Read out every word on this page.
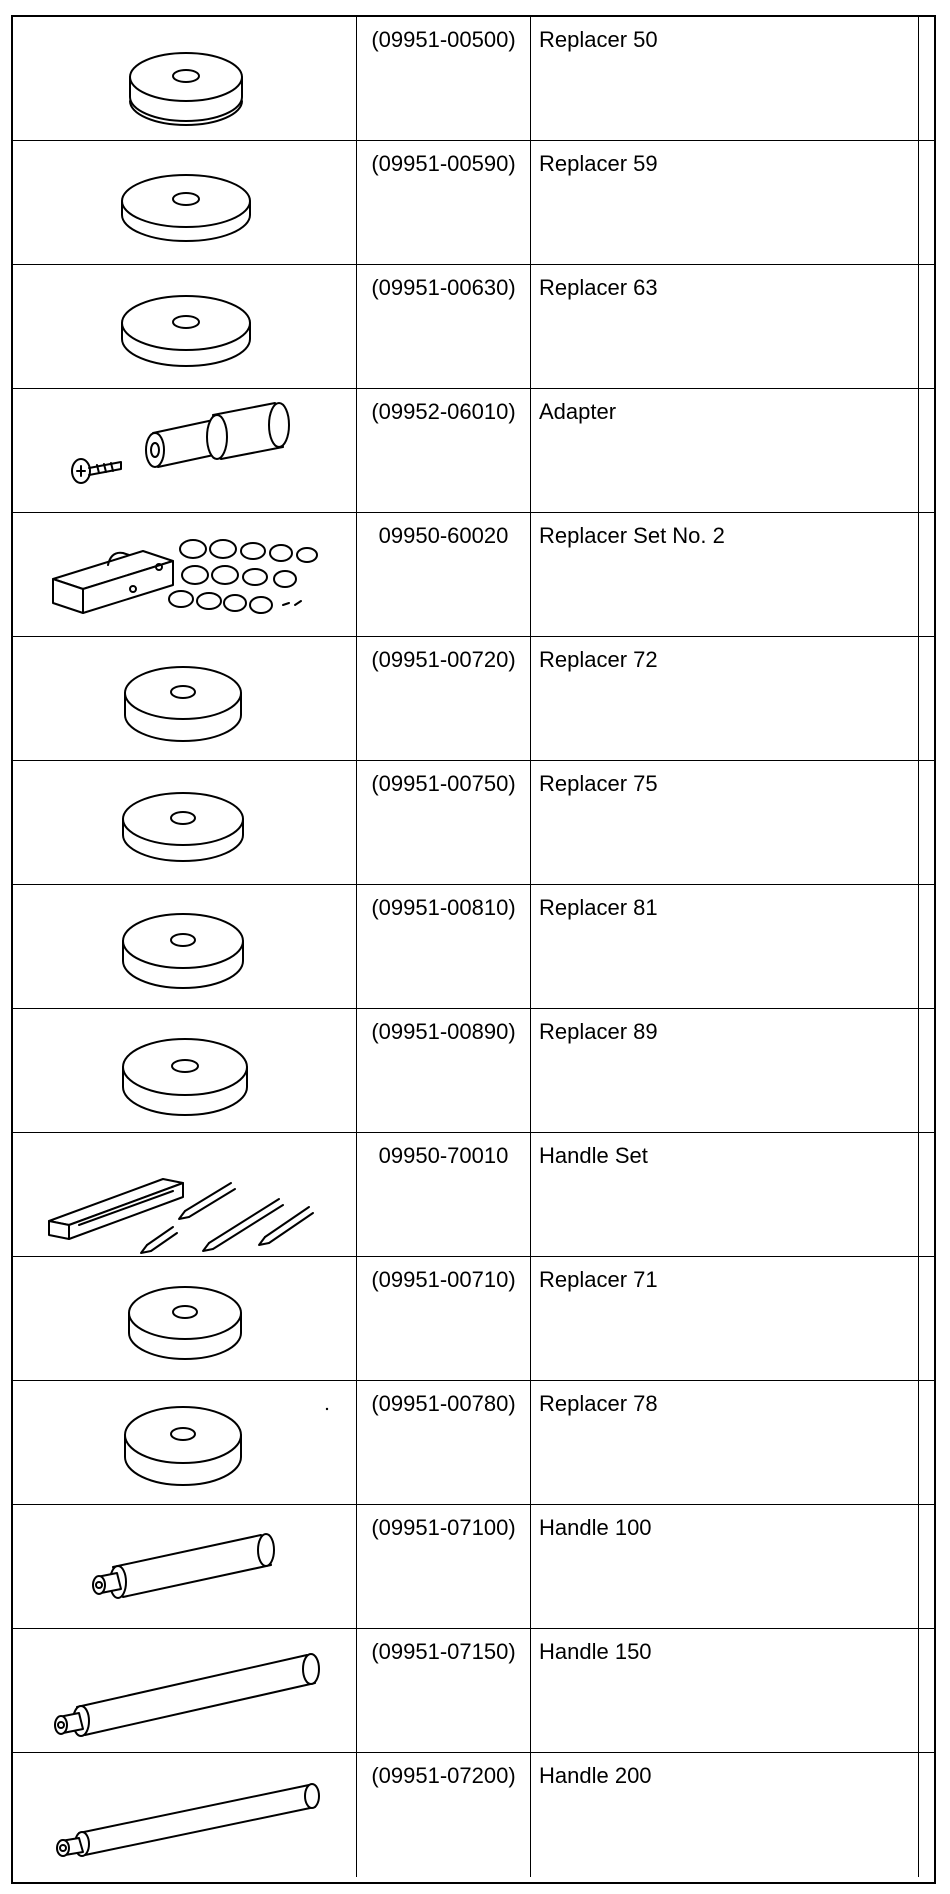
(09951-00500)	Replacer 50
(09951-00590)	Replacer 59
(09951-00630)	Replacer 63
(09952-06010)	Adapter
09950-60020	Replacer Set No. 2
(09951-00720)	Replacer 72
(09951-00750)	Replacer 75
(09951-00810)	Replacer 81
(09951-00890)	Replacer 89
09950-70010	Handle Set
(09951-00710)	Replacer 71
(09951-00780)	Replacer 78
(09951-07100)	Handle 100
(09951-07150)	Handle 150
(09951-07200)	Handle 200
